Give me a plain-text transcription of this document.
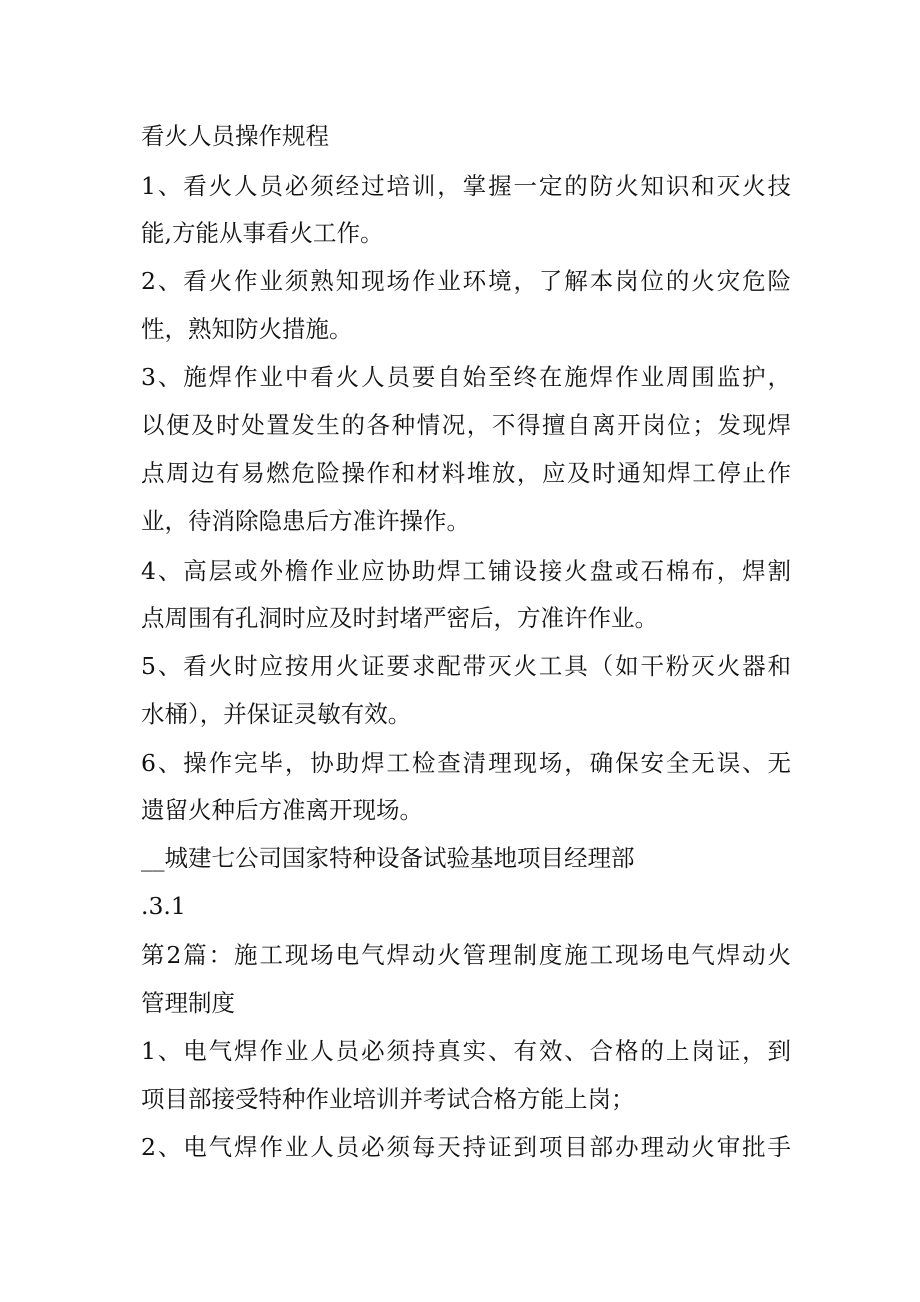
看火人员操作规程
1、看火人员必须经过培训，掌握一定的防火知识和灭火技
能,方能从事看火工作。
2、看火作业须熟知现场作业环境，了解本岗位的火灾危险
性，熟知防火措施。
3、施焊作业中看火人员要自始至终在施焊作业周围监护，
以便及时处置发生的各种情况，不得擅自离开岗位；发现焊
点周边有易燃危险操作和材料堆放，应及时通知焊工停止作
业，待消除隐患后方准许操作。
4、高层或外檐作业应协助焊工铺设接火盘或石棉布，焊割
点周围有孔洞时应及时封堵严密后，方准许作业。
5、看火时应按用火证要求配带灭火工具（如干粉灭火器和
水桶），并保证灵敏有效。
6、操作完毕，协助焊工检查清理现场，确保安全无误、无
遗留火种后方准离开现场。
__城建七公司国家特种设备试验基地项目经理部
.3.1
第2篇：施工现场电气焊动火管理制度施工现场电气焊动火
管理制度
1、电气焊作业人员必须持真实、有效、合格的上岗证，到
项目部接受特种作业培训并考试合格方能上岗；
2、电气焊作业人员必须每天持证到项目部办理动火审批手
